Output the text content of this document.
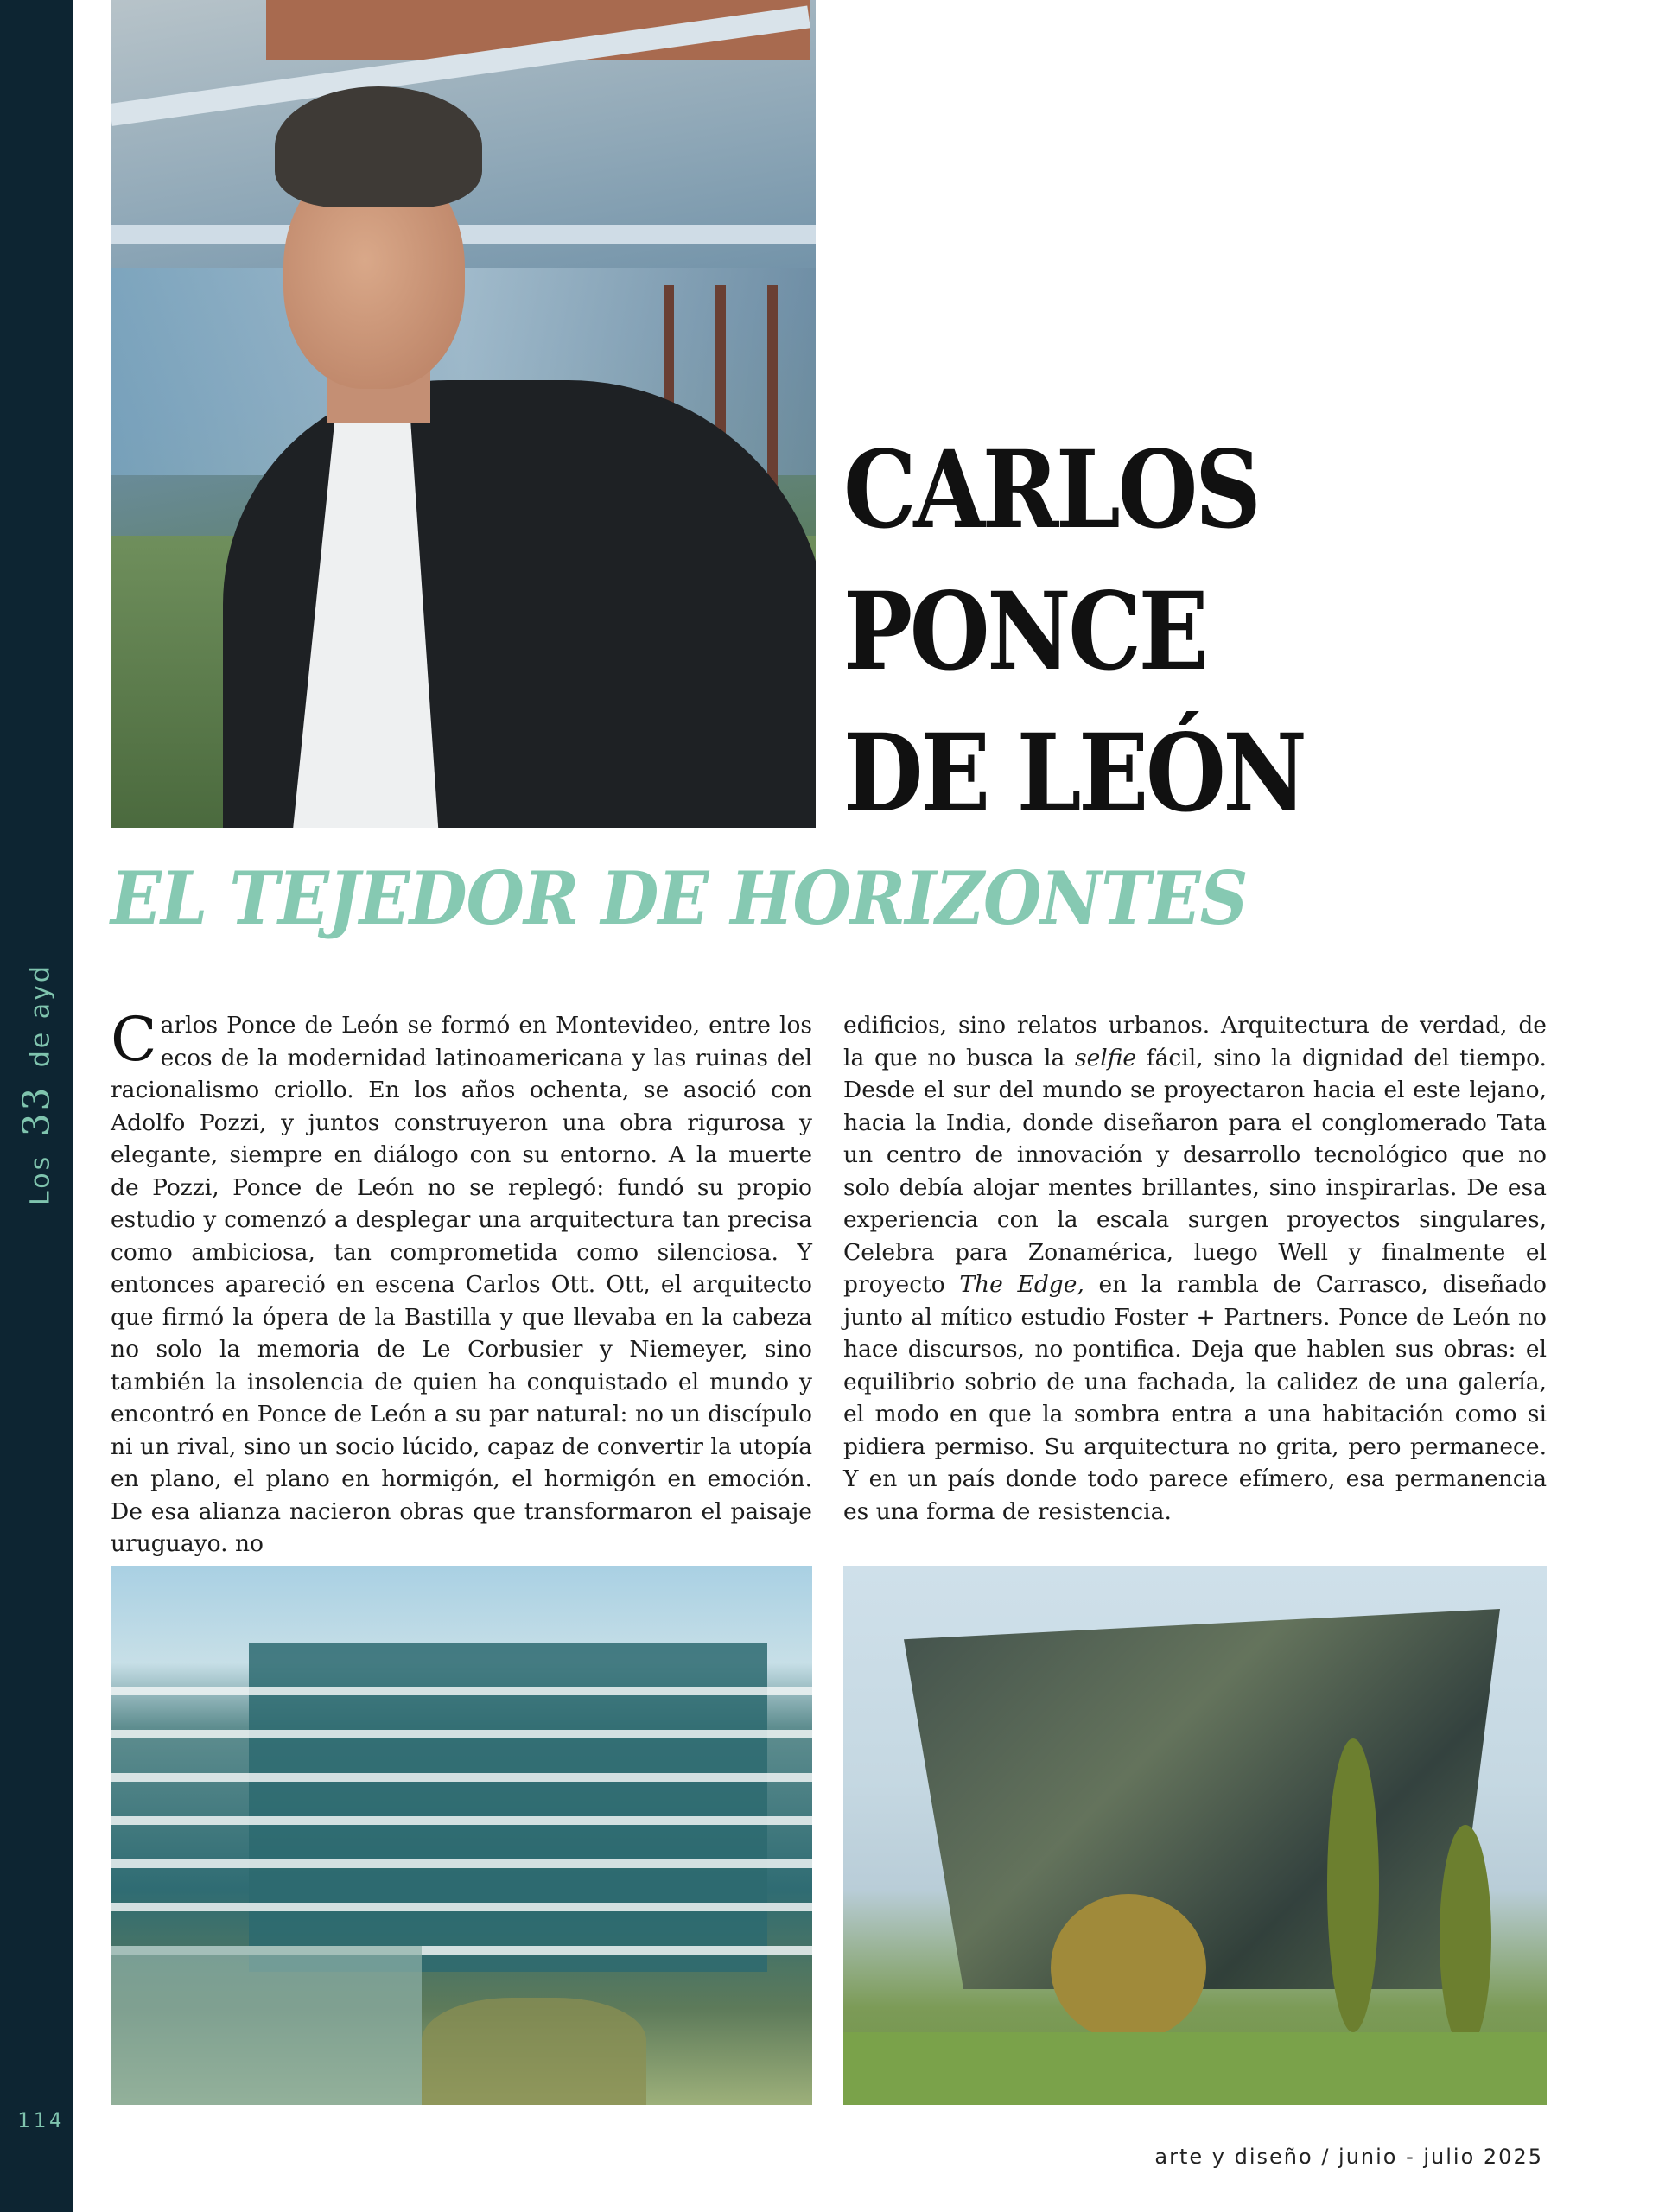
Los 33 de ayd
114
CARLOS
PONCE
DE LEÓN
EL TEJEDOR DE HORIZONTES
Carlos Ponce de León se formó en Montevideo, entre los ecos de la modernidad latinoamericana y las ruinas del racionalismo criollo. En los años ochenta, se asoció con Adolfo Pozzi, y juntos construyeron una obra rigurosa y elegante, siempre en diálogo con su entorno. A la muerte de Pozzi, Ponce de León no se replegó: fundó su propio estudio y comenzó a desplegar una arquitectura tan precisa como ambiciosa, tan comprometida como silenciosa. Y entonces apareció en escena Carlos Ott. Ott, el arquitecto que firmó la ópera de la Bastilla y que llevaba en la cabeza no solo la memoria de Le Corbusier y Niemeyer, sino también la insolencia de quien ha conquistado el mundo y encontró en Ponce de León a su par natural: no un discípulo ni un rival, sino un socio lúcido, capaz de convertir la utopía en plano, el plano en hormigón, el hormigón en emoción. De esa alianza nacieron obras que transformaron el paisaje uruguayo. no
edificios, sino relatos urbanos. Arquitectura de verdad, de la que no busca la selfie fácil, sino la dignidad del tiempo. Desde el sur del mundo se proyectaron hacia el este lejano, hacia la India, donde diseñaron para el conglomerado Tata un centro de innovación y desarrollo tecnológico que no solo debía alojar mentes brillantes, sino inspirarlas. De esa experiencia con la escala surgen proyectos singulares, Celebra para Zonamérica, luego Well y finalmente el proyecto The Edge, en la rambla de Carrasco, diseñado junto al mítico estudio Foster + Partners. Ponce de León no hace discursos, no pontifica. Deja que hablen sus obras: el equilibrio sobrio de una fachada, la calidez de una galería, el modo en que la sombra entra a una habitación como si pidiera permiso. Su arquitectura no grita, pero permanece. Y en un país donde todo parece efímero, esa permanencia es una forma de resistencia.
arte y diseño / junio - julio 2025
